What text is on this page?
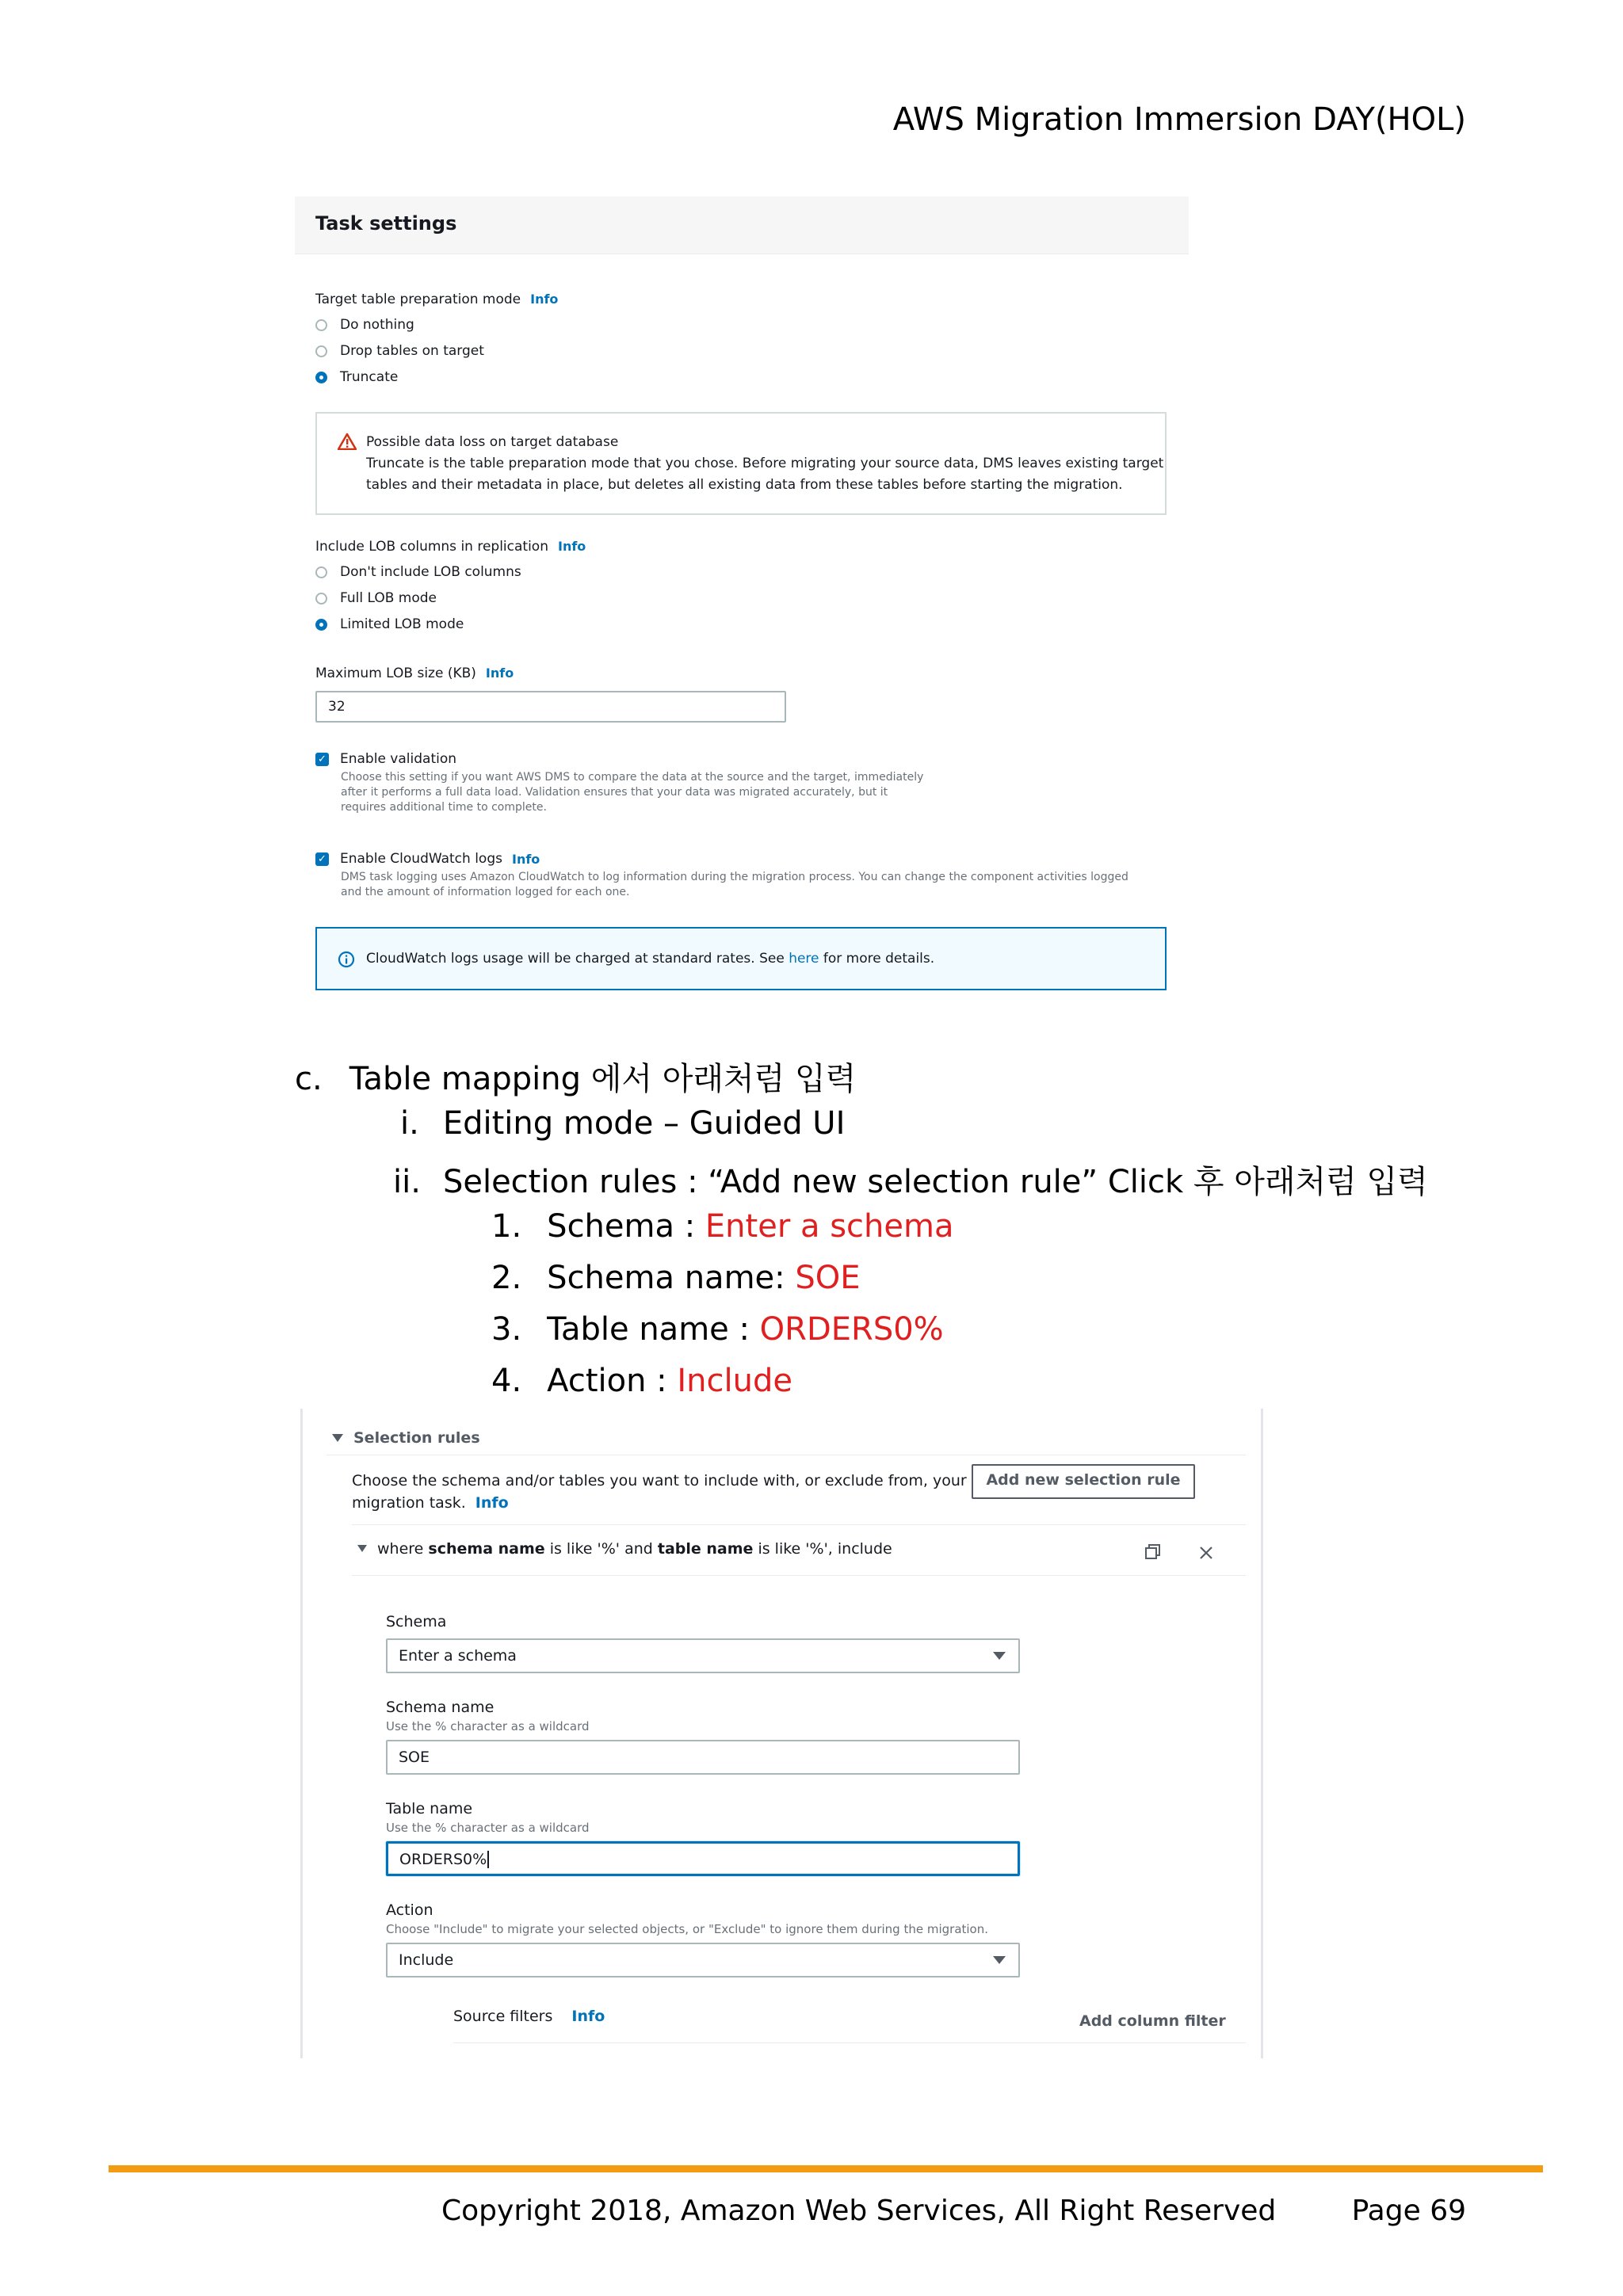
AWS Migration Immersion DAY(HOL)
Task settings
Target table preparation mode Info
Do nothing
Drop tables on target
Truncate
Possible data loss on target database
Truncate is the table preparation mode that you chose. Before migrating your source data, DMS leaves existing target
tables and their metadata in place, but deletes all existing data from these tables before starting the migration.
Include LOB columns in replication Info
Don't include LOB columns
Full LOB mode
Limited LOB mode
Maximum LOB size (KB) Info
32
✓ Enable validation
Choose this setting if you want AWS DMS to compare the data at the source and the target, immediately
after it performs a full data load. Validation ensures that your data was migrated accurately, but it
requires additional time to complete.
✓ Enable CloudWatch logs Info
DMS task logging uses Amazon CloudWatch to log information during the migration process. You can change the component activities logged
and the amount of information logged for each one.
CloudWatch logs usage will be charged at standard rates. See here for more details.
c. Table mapping 에서 아래처럼 입력
i. Editing mode – Guided UI
ii. Selection rules : “Add new selection rule” Click 후 아래처럼 입력
1. Schema : Enter a schema
2. Schema name: SOE
3. Table name : ORDERS0%
4. Action : Include
Selection rules
Choose the schema and/or tables you want to include with, or exclude from, your
migration task. Info
Add new selection rule
where schema name is like '%' and table name is like '%', include
Schema
Enter a schema
Schema name
Use the % character as a wildcard
SOE
Table name
Use the % character as a wildcard
ORDERS0%
Action
Choose "Include" to migrate your selected objects, or "Exclude" to ignore them during the migration.
Include
Source filters Info	Add column filter
Copyright 2018, Amazon Web Services, All Right Reserved	Page 69
